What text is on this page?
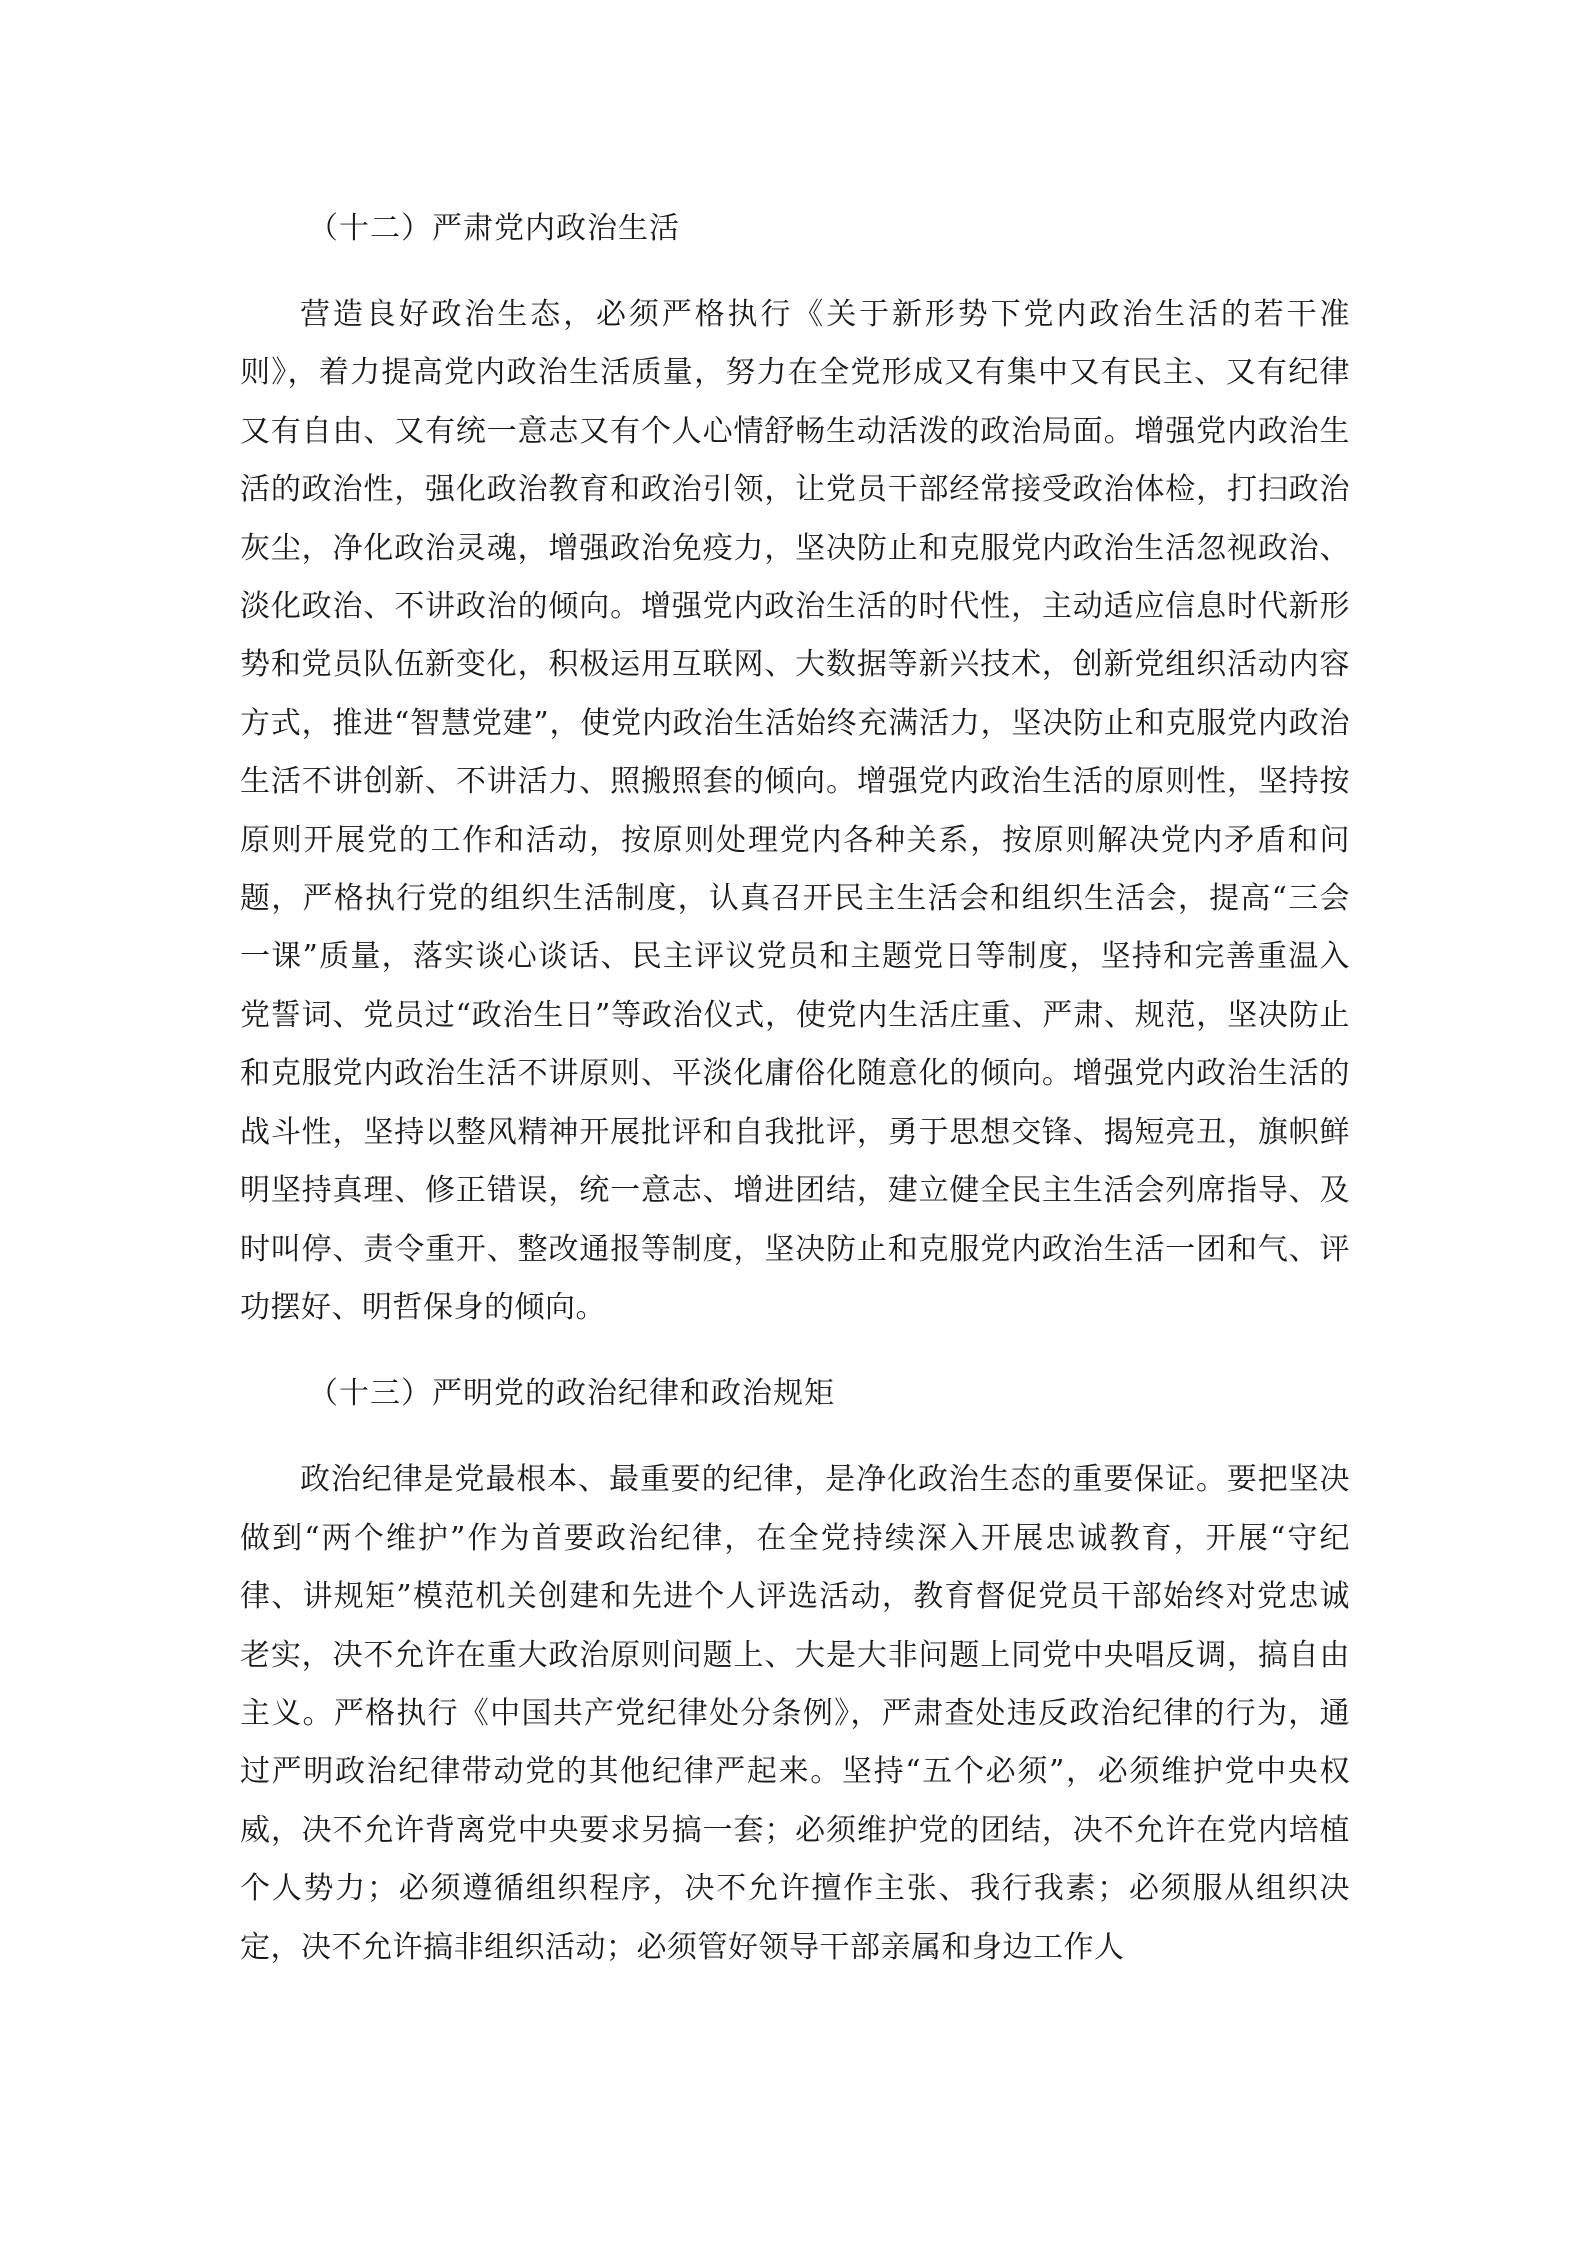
（十二）严肃党内政治生活

营造良好政治生态，必须严格执行《关于新形势下党内政治生活的若干准则》，着力提高党内政治生活质量，努力在全党形成又有集中又有民主、又有纪律又有自由、又有统一意志又有个人心情舒畅生动活泼的政治局面。增强党内政治生活的政治性，强化政治教育和政治引领，让党员干部经常接受政治体检，打扫政治灰尘，净化政治灵魂，增强政治免疫力，坚决防止和克服党内政治生活忽视政治、淡化政治、不讲政治的倾向。增强党内政治生活的时代性，主动适应信息时代新形势和党员队伍新变化，积极运用互联网、大数据等新兴技术，创新党组织活动内容方式，推进“智慧党建”，使党内政治生活始终充满活力，坚决防止和克服党内政治生活不讲创新、不讲活力、照搬照套的倾向。增强党内政治生活的原则性，坚持按原则开展党的工作和活动，按原则处理党内各种关系，按原则解决党内矛盾和问题，严格执行党的组织生活制度，认真召开民主生活会和组织生活会，提高“三会一课”质量，落实谈心谈话、民主评议党员和主题党日等制度，坚持和完善重温入党誓词、党员过“政治生日”等政治仪式，使党内生活庄重、严肃、规范，坚决防止和克服党内政治生活不讲原则、平淡化庸俗化随意化的倾向。增强党内政治生活的战斗性，坚持以整风精神开展批评和自我批评，勇于思想交锋、揭短亮丑，旗帜鲜明坚持真理、修正错误，统一意志、增进团结，建立健全民主生活会列席指导、及时叫停、责令重开、整改通报等制度，坚决防止和克服党内政治生活一团和气、评功摆好、明哲保身的倾向。

（十三）严明党的政治纪律和政治规矩

政治纪律是党最根本、最重要的纪律，是净化政治生态的重要保证。要把坚决做到“两个维护”作为首要政治纪律，在全党持续深入开展忠诚教育，开展“守纪律、讲规矩”模范机关创建和先进个人评选活动，教育督促党员干部始终对党忠诚老实，决不允许在重大政治原则问题上、大是大非问题上同党中央唱反调，搞自由主义。严格执行《中国共产党纪律处分条例》，严肃查处违反政治纪律的行为，通过严明政治纪律带动党的其他纪律严起来。坚持“五个必须”，必须维护党中央权威，决不允许背离党中央要求另搞一套；必须维护党的团结，决不允许在党内培植个人势力；必须遵循组织程序，决不允许擅作主张、我行我素；必须服从组织决定，决不允许搞非组织活动；必须管好领导干部亲属和身边工作人
